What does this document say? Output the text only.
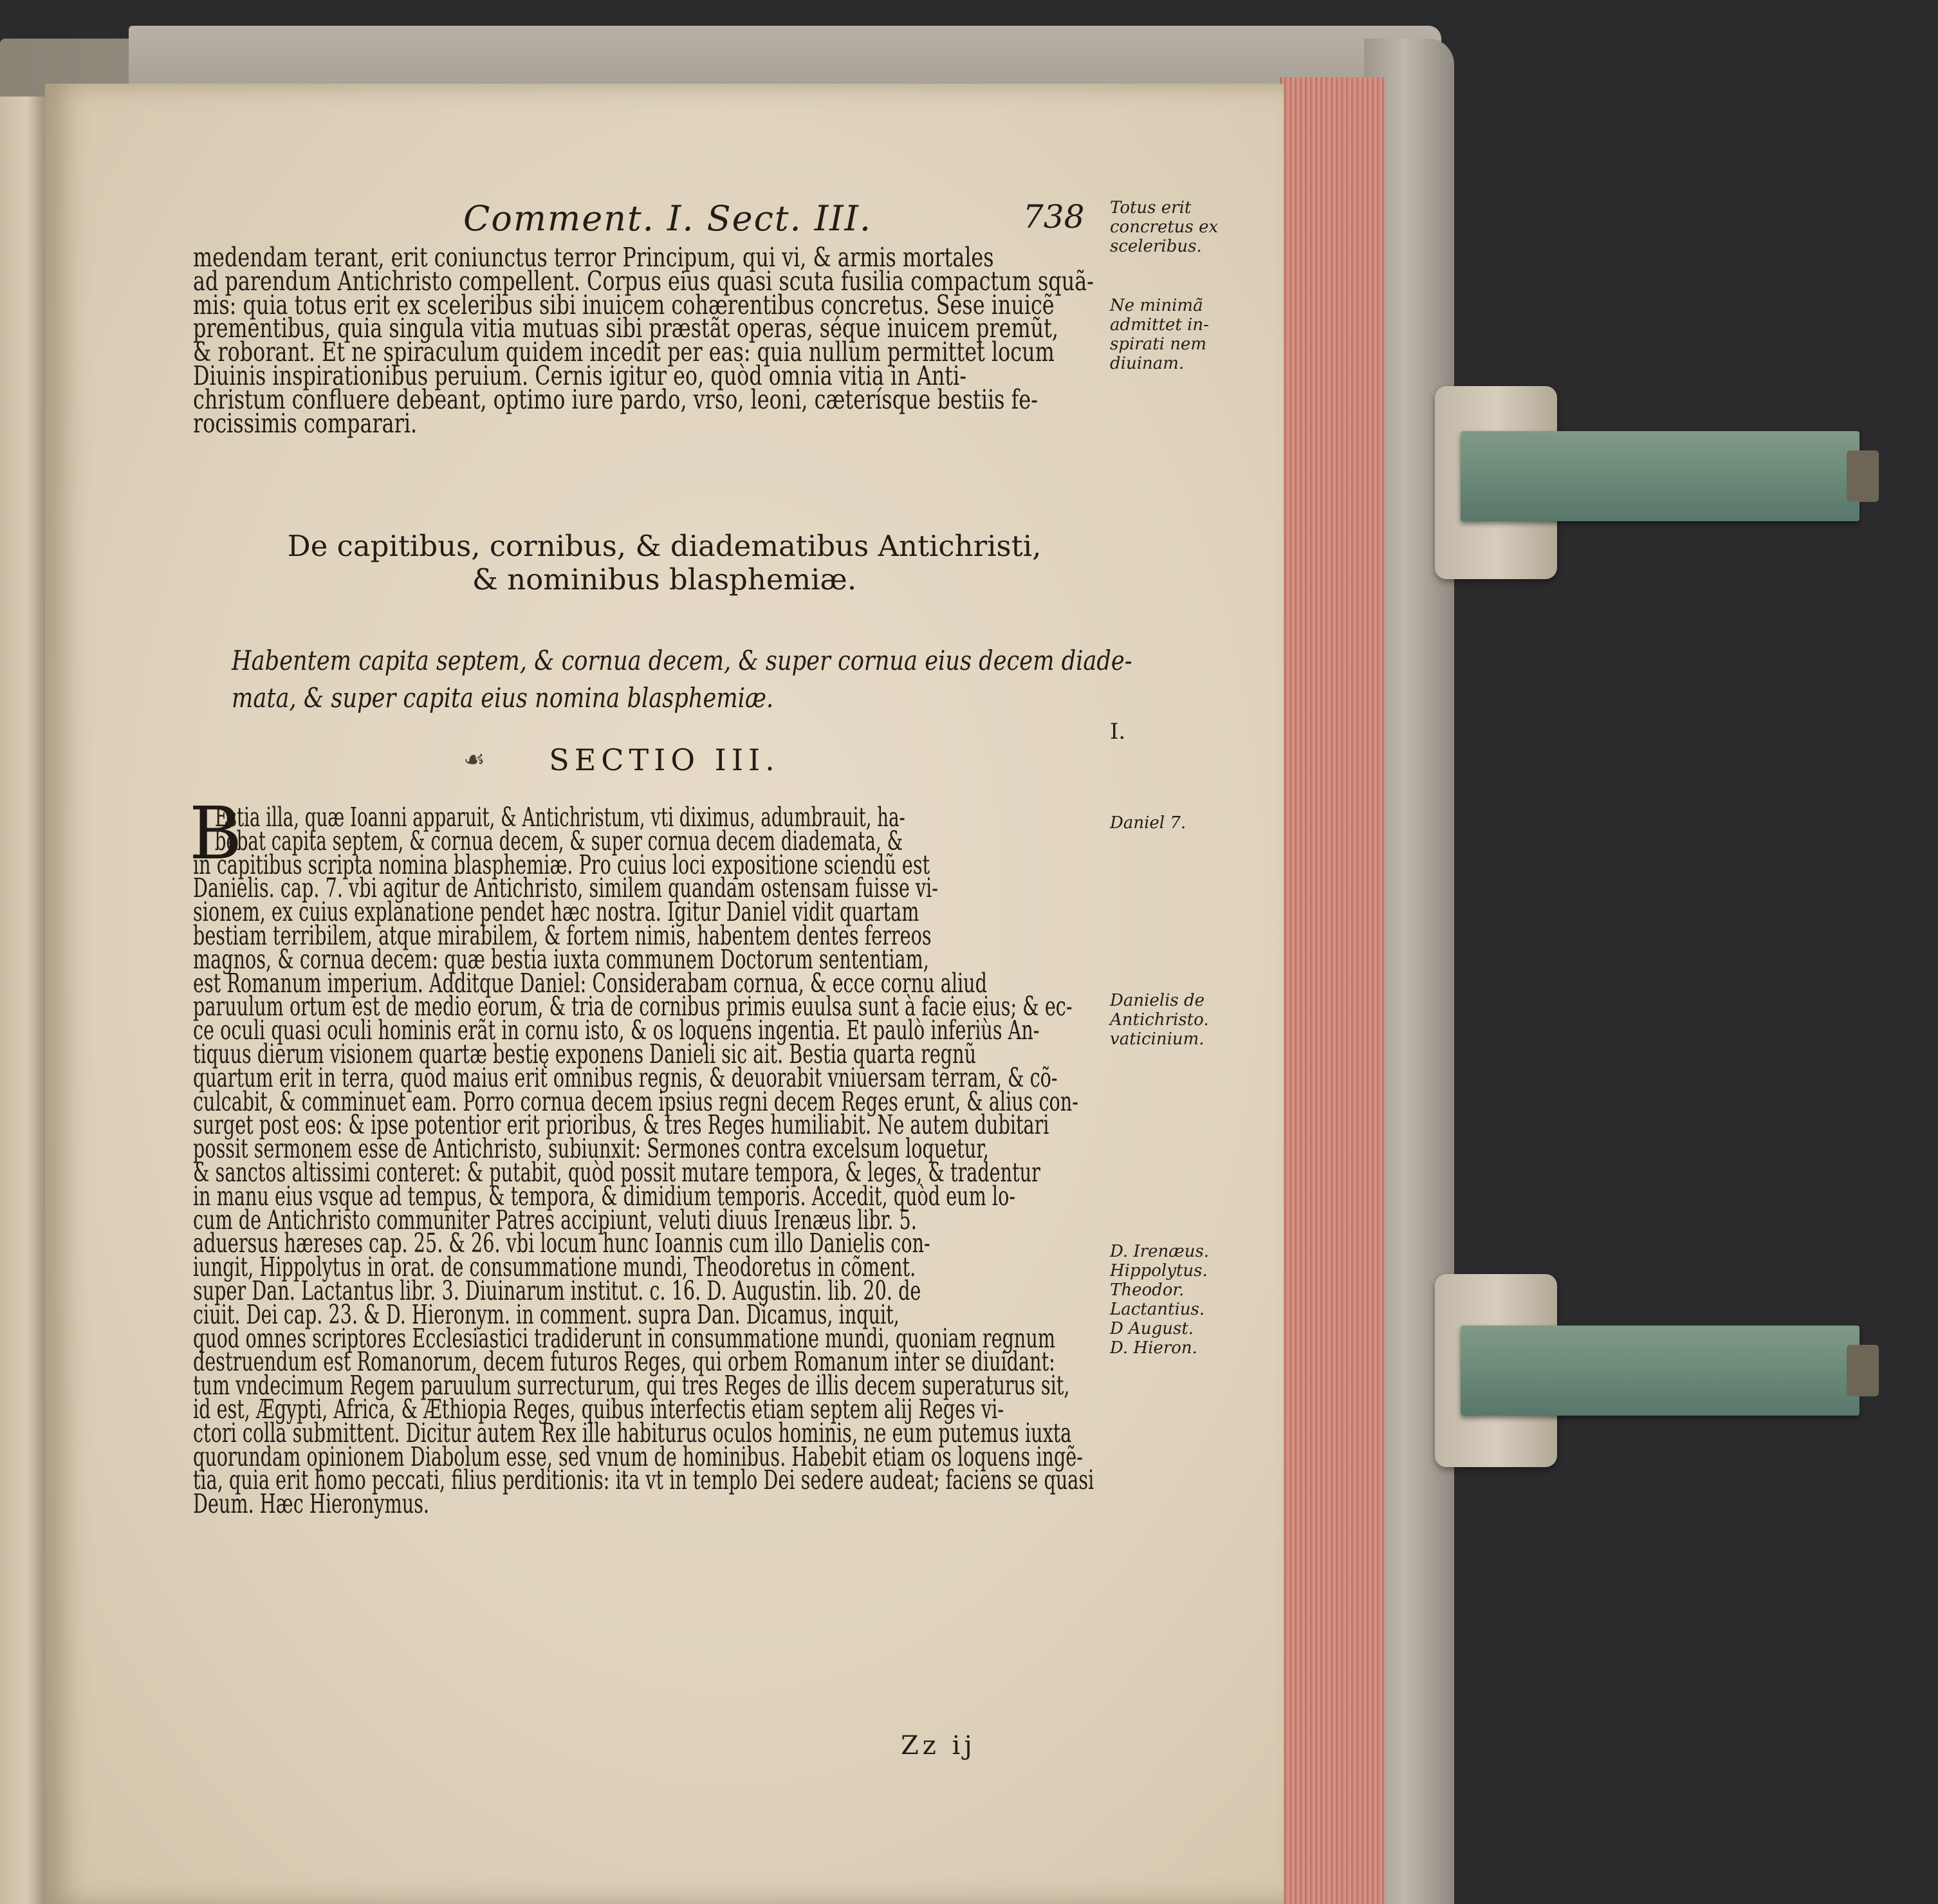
Comment. I. Sect. III.	738
medendam terant, erit coniunctus terror Principum, qui vi, & armis mortales
ad parendum Antichristo compellent. Corpus eius quasi scuta fusilia compactum squã-
mis: quia totus erit ex sceleribus sibi inuicem cohærentibus concretus. Sese inuicẽ
prementibus, quia singula vitia mutuas sibi præstãt operas, séque inuicem premũt,
& roborant. Et ne spiraculum quidem incedit per eas: quia nullum permittet locum
Diuinis inspirationibus peruium. Cernis igitur eo, quòd omnia vitia in Anti-
christum confluere debeant, optimo iure pardo, vrso, leoni, cæterísque bestiis fe-
rocissimis comparari.
De capitibus, cornibus, & diadematibus Antichristi,
& nominibus blasphemiæ.
Habentem capita septem, & cornua decem, & super cornua eius decem diade-
mata, & super capita eius nomina blasphemiæ.
☙	SECTIO III.
B
Estia illa, quæ Ioanni apparuit, & Antichristum, vti diximus, adumbrauit, ha-
bebat capita septem, & cornua decem, & super cornua decem diademata, &
in capitibus scripta nomina blasphemiæ. Pro cuius loci expositione sciendũ est
Danielis. cap. 7. vbi agitur de Antichristo, similem quandam ostensam fuisse vi-
sionem, ex cuius explanatione pendet hæc nostra. Igitur Daniel vidit quartam
bestiam terribilem, atque mirabilem, & fortem nimis, habentem dentes ferreos
magnos, & cornua decem: quæ bestia iuxta communem Doctorum sententiam,
est Romanum imperium. Additque Daniel: Considerabam cornua, & ecce cornu aliud
paruulum ortum est de medio eorum, & tria de cornibus primis euulsa sunt à facie eius; & ec-
ce oculi quasi oculi hominis erãt in cornu isto, & os loquens ingentia. Et paulò inferiùs An-
tiquus dierum visionem quartæ bestię exponens Danieli sic ait. Bestia quarta regnũ
quartum erit in terra, quod maius erit omnibus regnis, & deuorabit vniuersam terram, & cõ-
culcabit, & comminuet eam. Porro cornua decem ipsius regni decem Reges erunt, & alius con-
surget post eos: & ipse potentior erit prioribus, & tres Reges humiliabit. Ne autem dubitari
possit sermonem esse de Antichristo, subiunxit: Sermones contra excelsum loquetur,
& sanctos altissimi conteret: & putabit, quòd possit mutare tempora, & leges, & tradentur
in manu eius vsque ad tempus, & tempora, & dimidium temporis. Accedit, quòd eum lo-
cum de Antichristo communiter Patres accipiunt, veluti diuus Irenæus libr. 5.
aduersus hæreses cap. 25. & 26. vbi locum hunc Ioannis cum illo Danielis con-
iungit, Hippolytus in orat. de consummatione mundi, Theodoretus in cõment.
super Dan. Lactantus libr. 3. Diuinarum institut. c. 16. D. Augustin. lib. 20. de
ciuit. Dei cap. 23. & D. Hieronym. in comment. supra Dan. Dicamus, inquit,
quod omnes scriptores Ecclesiastici tradiderunt in consummatione mundi, quoniam regnum
destruendum est Romanorum, decem futuros Reges, qui orbem Romanum inter se diuidant:
tum vndecimum Regem paruulum surrecturum, qui tres Reges de illis decem superaturus sit,
id est, Ægypti, Africa, & Æthiopia Reges, quibus interfectis etiam septem alij Reges vi-
ctori colla submittent. Dicitur autem Rex ille habiturus oculos hominis, ne eum putemus iuxta
quorundam opinionem Diabolum esse, sed vnum de hominibus. Habebit etiam os loquens ingẽ-
tia, quia erit homo peccati, filius perditionis: ita vt in templo Dei sedere audeat; faciens se quasi
Deum. Hæc Hieronymus.
Zz ij
Totus erit
concretus ex
sceleribus.
Ne minimã
admittet in-
spirati nem
diuinam.
I.
Daniel 7.
Danielis de
Antichristo.
vaticinium.
D. Irenæus.
Hippolytus.
Theodor.
Lactantius.
D August.
D. Hieron.
